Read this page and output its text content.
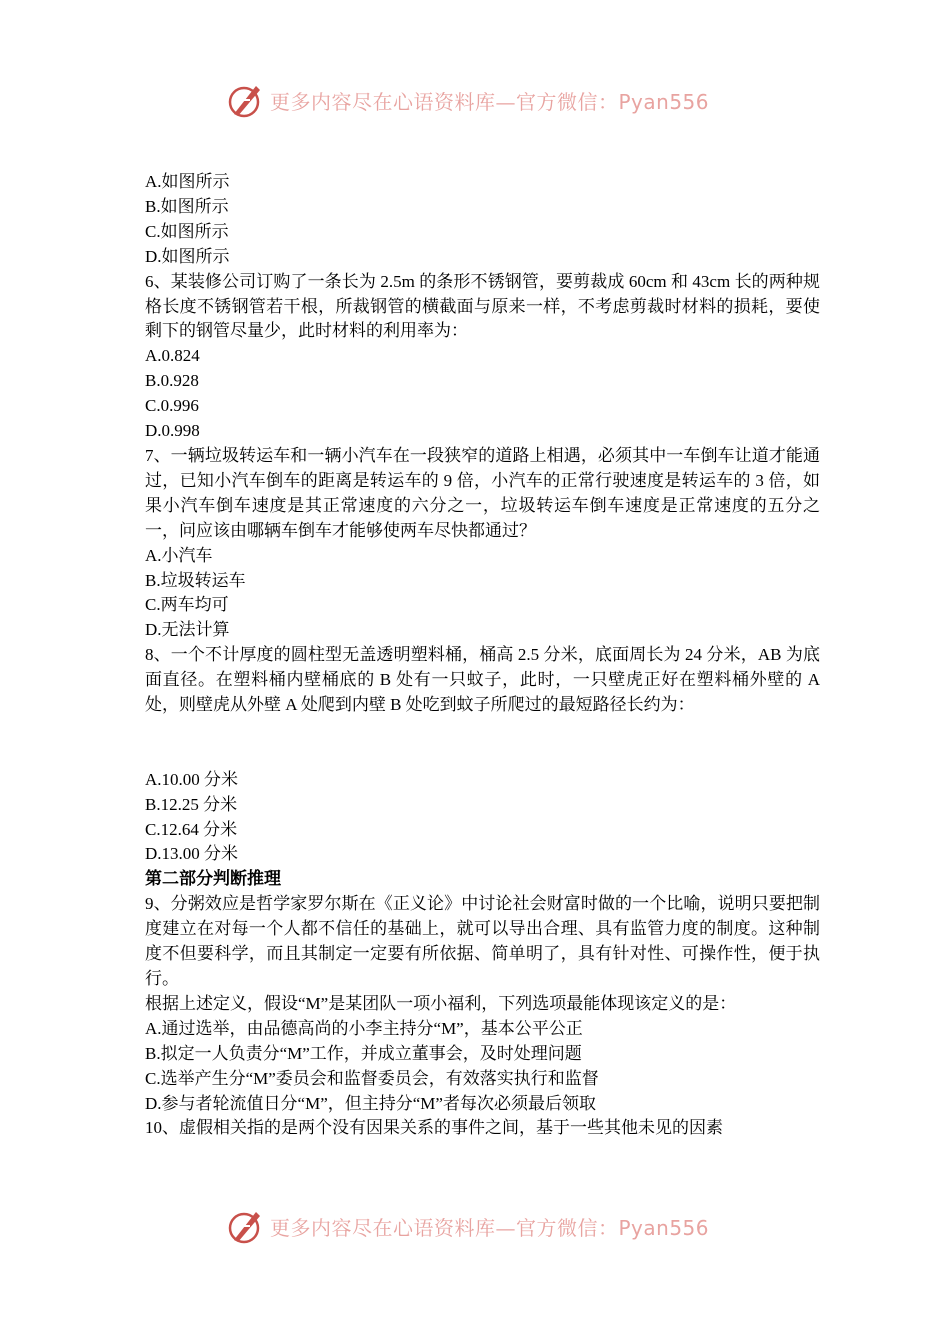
更多内容尽在心语资料库—官方微信：Pyan556
A.如图所示
B.如图所示
C.如图所示
D.如图所示
6、某装修公司订购了一条长为 2.5m 的条形不锈钢管，要剪裁成 60cm 和 43cm 长的两种规格长度不锈钢管若干根，所裁钢管的横截面与原来一样，不考虑剪裁时材料的损耗，要使剩下的钢管尽量少，此时材料的利用率为：
A.0.824
B.0.928
C.0.996
D.0.998
7、一辆垃圾转运车和一辆小汽车在一段狭窄的道路上相遇，必须其中一车倒车让道才能通过，已知小汽车倒车的距离是转运车的 9 倍，小汽车的正常行驶速度是转运车的 3 倍，如果小汽车倒车速度是其正常速度的六分之一，垃圾转运车倒车速度是正常速度的五分之一，问应该由哪辆车倒车才能够使两车尽快都通过？
A.小汽车
B.垃圾转运车
C.两车均可
D.无法计算
8、一个不计厚度的圆柱型无盖透明塑料桶，桶高 2.5 分米，底面周长为 24 分米，AB 为底面直径。在塑料桶内壁桶底的 B 处有一只蚊子，此时，一只壁虎正好在塑料桶外壁的 A 处，则壁虎从外壁 A 处爬到内壁 B 处吃到蚊子所爬过的最短路径长约为：
A.10.00 分米
B.12.25 分米
C.12.64 分米
D.13.00 分米
第二部分判断推理
9、分粥效应是哲学家罗尔斯在《正义论》中讨论社会财富时做的一个比喻，说明只要把制度建立在对每一个人都不信任的基础上，就可以导出合理、具有监管力度的制度。这种制度不但要科学，而且其制定一定要有所依据、简单明了，具有针对性、可操作性，便于执行。
根据上述定义，假设“M”是某团队一项小福利，下列选项最能体现该定义的是：
A.通过选举，由品德高尚的小李主持分“M”，基本公平公正
B.拟定一人负责分“M”工作，并成立董事会，及时处理问题
C.选举产生分“M”委员会和监督委员会，有效落实执行和监督
D.参与者轮流值日分“M”，但主持分“M”者每次必须最后领取
10、虚假相关指的是两个没有因果关系的事件之间，基于一些其他未见的因素
更多内容尽在心语资料库—官方微信：Pyan556
